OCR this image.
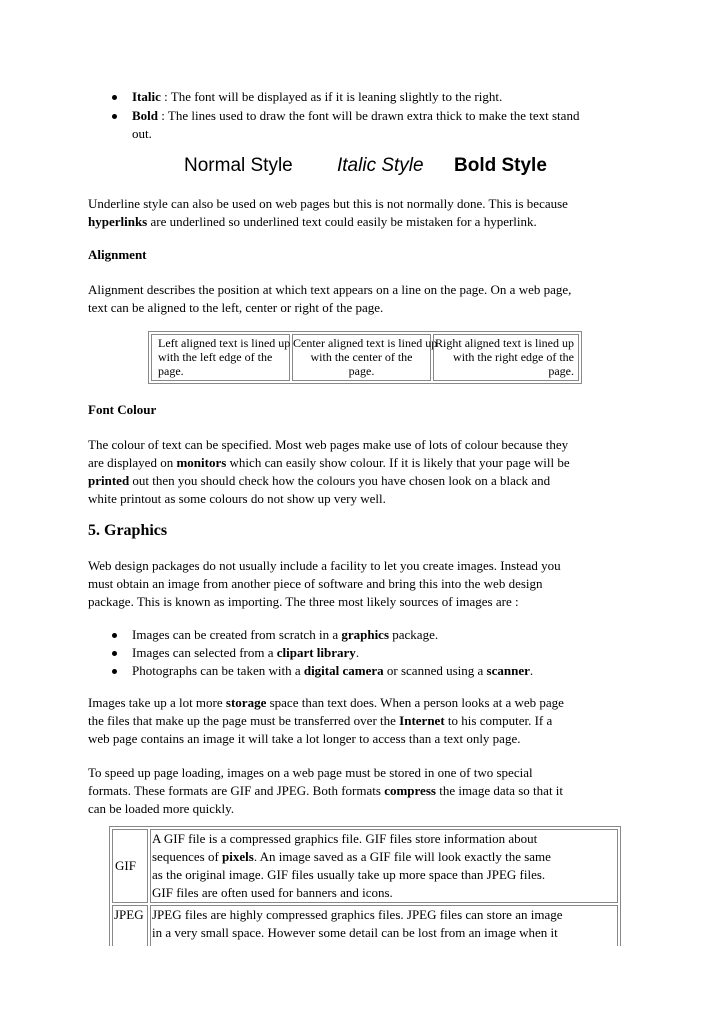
Italic : The font will be displayed as if it is leaning slightly to the right.
Bold : The lines used to draw the font will be drawn extra thick to make the text stand
out.
Normal Style Italic Style Bold Style
Underline style can also be used on web pages but this is not normally done. This is because
hyperlinks are underlined so underlined text could easily be mistaken for a hyperlink.
Alignment
Alignment describes the position at which text appears on a line on the page. On a web page,
text can be aligned to the left, center or right of the page.
Left aligned text is lined up
with the left edge of the
page.
Center aligned text is lined up
with the center of the
page.
Right aligned text is lined up
with the right edge of the
page.
Font Colour
The colour of text can be specified. Most web pages make use of lots of colour because they
are displayed on monitors which can easily show colour. If it is likely that your page will be
printed out then you should check how the colours you have chosen look on a black and
white printout as some colours do not show up very well.
5. Graphics
Web design packages do not usually include a facility to let you create images. Instead you
must obtain an image from another piece of software and bring this into the web design
package. This is known as importing. The three most likely sources of images are :
Images can be created from scratch in a graphics package.
Images can selected from a clipart library.
Photographs can be taken with a digital camera or scanned using a scanner.
Images take up a lot more storage space than text does. When a person looks at a web page
the files that make up the page must be transferred over the Internet to his computer. If a
web page contains an image it will take a lot longer to access than a text only page.
To speed up page loading, images on a web page must be stored in one of two special
formats. These formats are GIF and JPEG. Both formats compress the image data so that it
can be loaded more quickly.
GIF
A GIF file is a compressed graphics file. GIF files store information about
sequences of pixels. An image saved as a GIF file will look exactly the same
as the original image. GIF files usually take up more space than JPEG files.
GIF files are often used for banners and icons.
JPEG JPEG files are highly compressed graphics files. JPEG files can store an image
in a very small space. However some detail can be lost from an image when it
